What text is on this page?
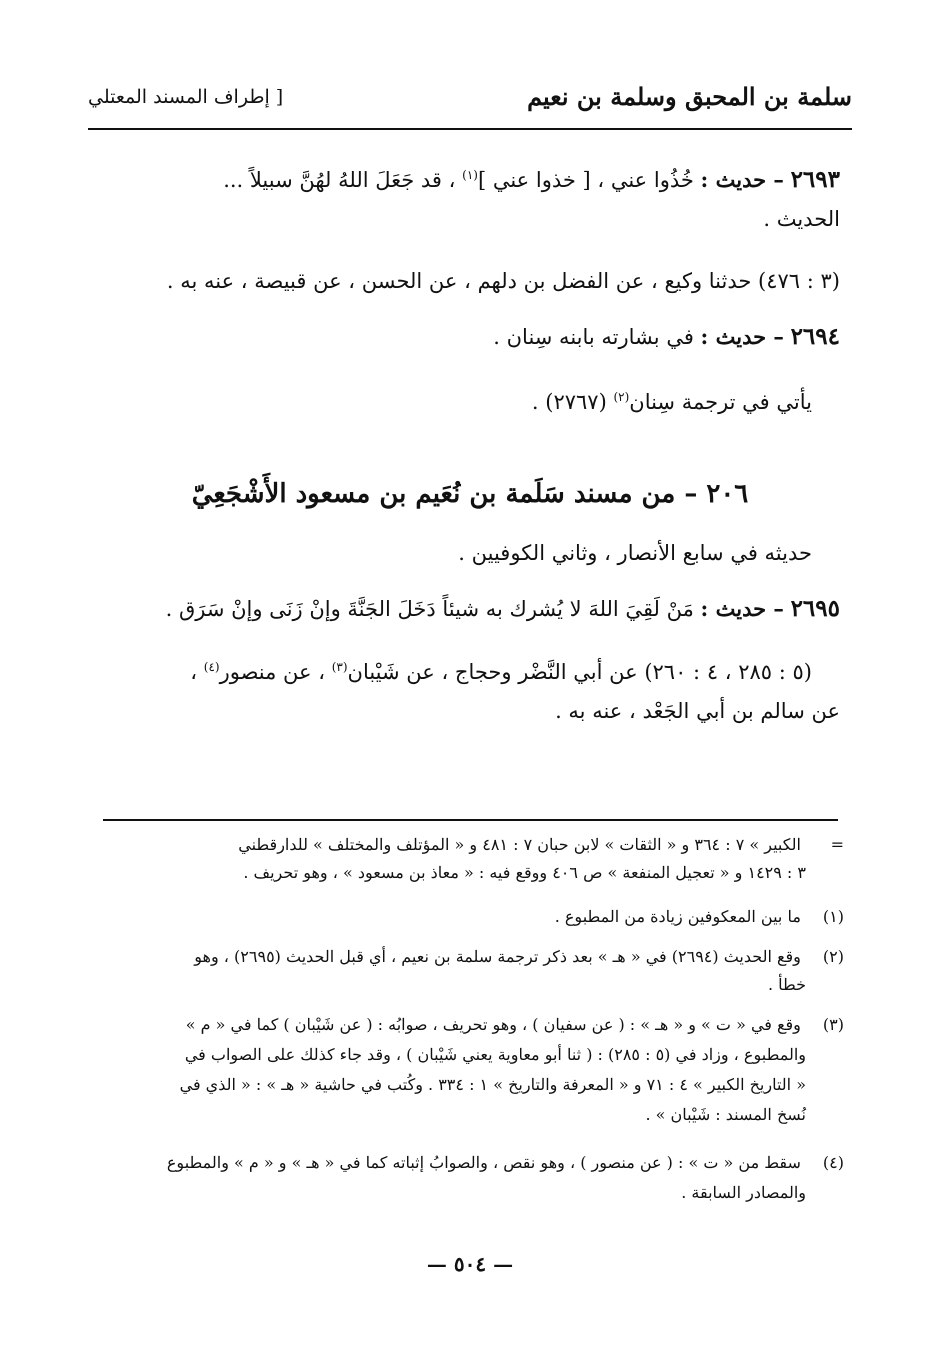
سلمة بن المحبق وسلمة بن نعيم
[ إطراف المسند المعتلي
٢٦٩٣ – حديث : خُذُوا عني ، [ خذوا عني ]$^{(١)}$ ، قد جَعَلَ اللهُ لهُنَّ سبيلاً ...
الحديث .
(٣ : ٤٧٦) حدثنا وكيع ، عن الفضل بن دلهم ، عن الحسن ، عن قبيصة ، عنه به .
٢٦٩٤ – حديث : في بشارته بابنه سِنان .
يأتي في ترجمة سِنان$^{(٢)}$ (٢٧٦٧) .
٢٠٦ – من مسند سَلَمة بن نُعَيم بن مسعود الأَشْجَعِيّ
حديثه في سابع الأنصار ، وثاني الكوفيين .
٢٦٩٥ – حديث : مَنْ لَقِيَ اللهَ لا يُشرك به شيئاً دَخَلَ الجَنَّةَ وإنْ زَنَى وإنْ سَرَق .
(٥ : ٢٨٥ ، ٤ : ٢٦٠) عن أبي النَّضْر وحجاج ، عن شَيْبان$^{(٣)}$ ، عن منصور$^{(٤)}$ ،
عن سالم بن أبي الجَعْد ، عنه به .
= الكبير » ٧ : ٣٦٤ و « الثقات » لابن حبان ٧ : ٤٨١ و « المؤتلف والمختلف » للدارقطني
٣ : ١٤٢٩ و « تعجيل المنفعة » ص ٤٠٦ ووقع فيه : « معاذ بن مسعود » ، وهو تحريف .
(١) ما بين المعكوفين زيادة من المطبوع .
(٢) وقع الحديث (٢٦٩٤) في « هـ » بعد ذكر ترجمة سلمة بن نعيم ، أي قبل الحديث (٢٦٩٥) ، وهو
خطأ .
(٣) وقع في « ت » و « هـ » : ( عن سفيان ) ، وهو تحريف ، صوابُه : ( عن شَيْبان ) كما في « م »
والمطبوع ، وزاد في (٥ : ٢٨٥) : ( ثنا أبو معاوية يعني شَيْبان ) ، وقد جاء كذلك على الصواب في
« التاريخ الكبير » ٤ : ٧١ و « المعرفة والتاريخ » ١ : ٣٣٤ . وكُتب في حاشية « هـ » : « الذي في
نُسخ المسند : شَيْبان » .
(٤) سقط من « ت » : ( عن منصور ) ، وهو نقص ، والصوابُ إثباته كما في « هـ » و « م » والمطبوع
والمصادر السابقة .
— ٥٠٤ —
